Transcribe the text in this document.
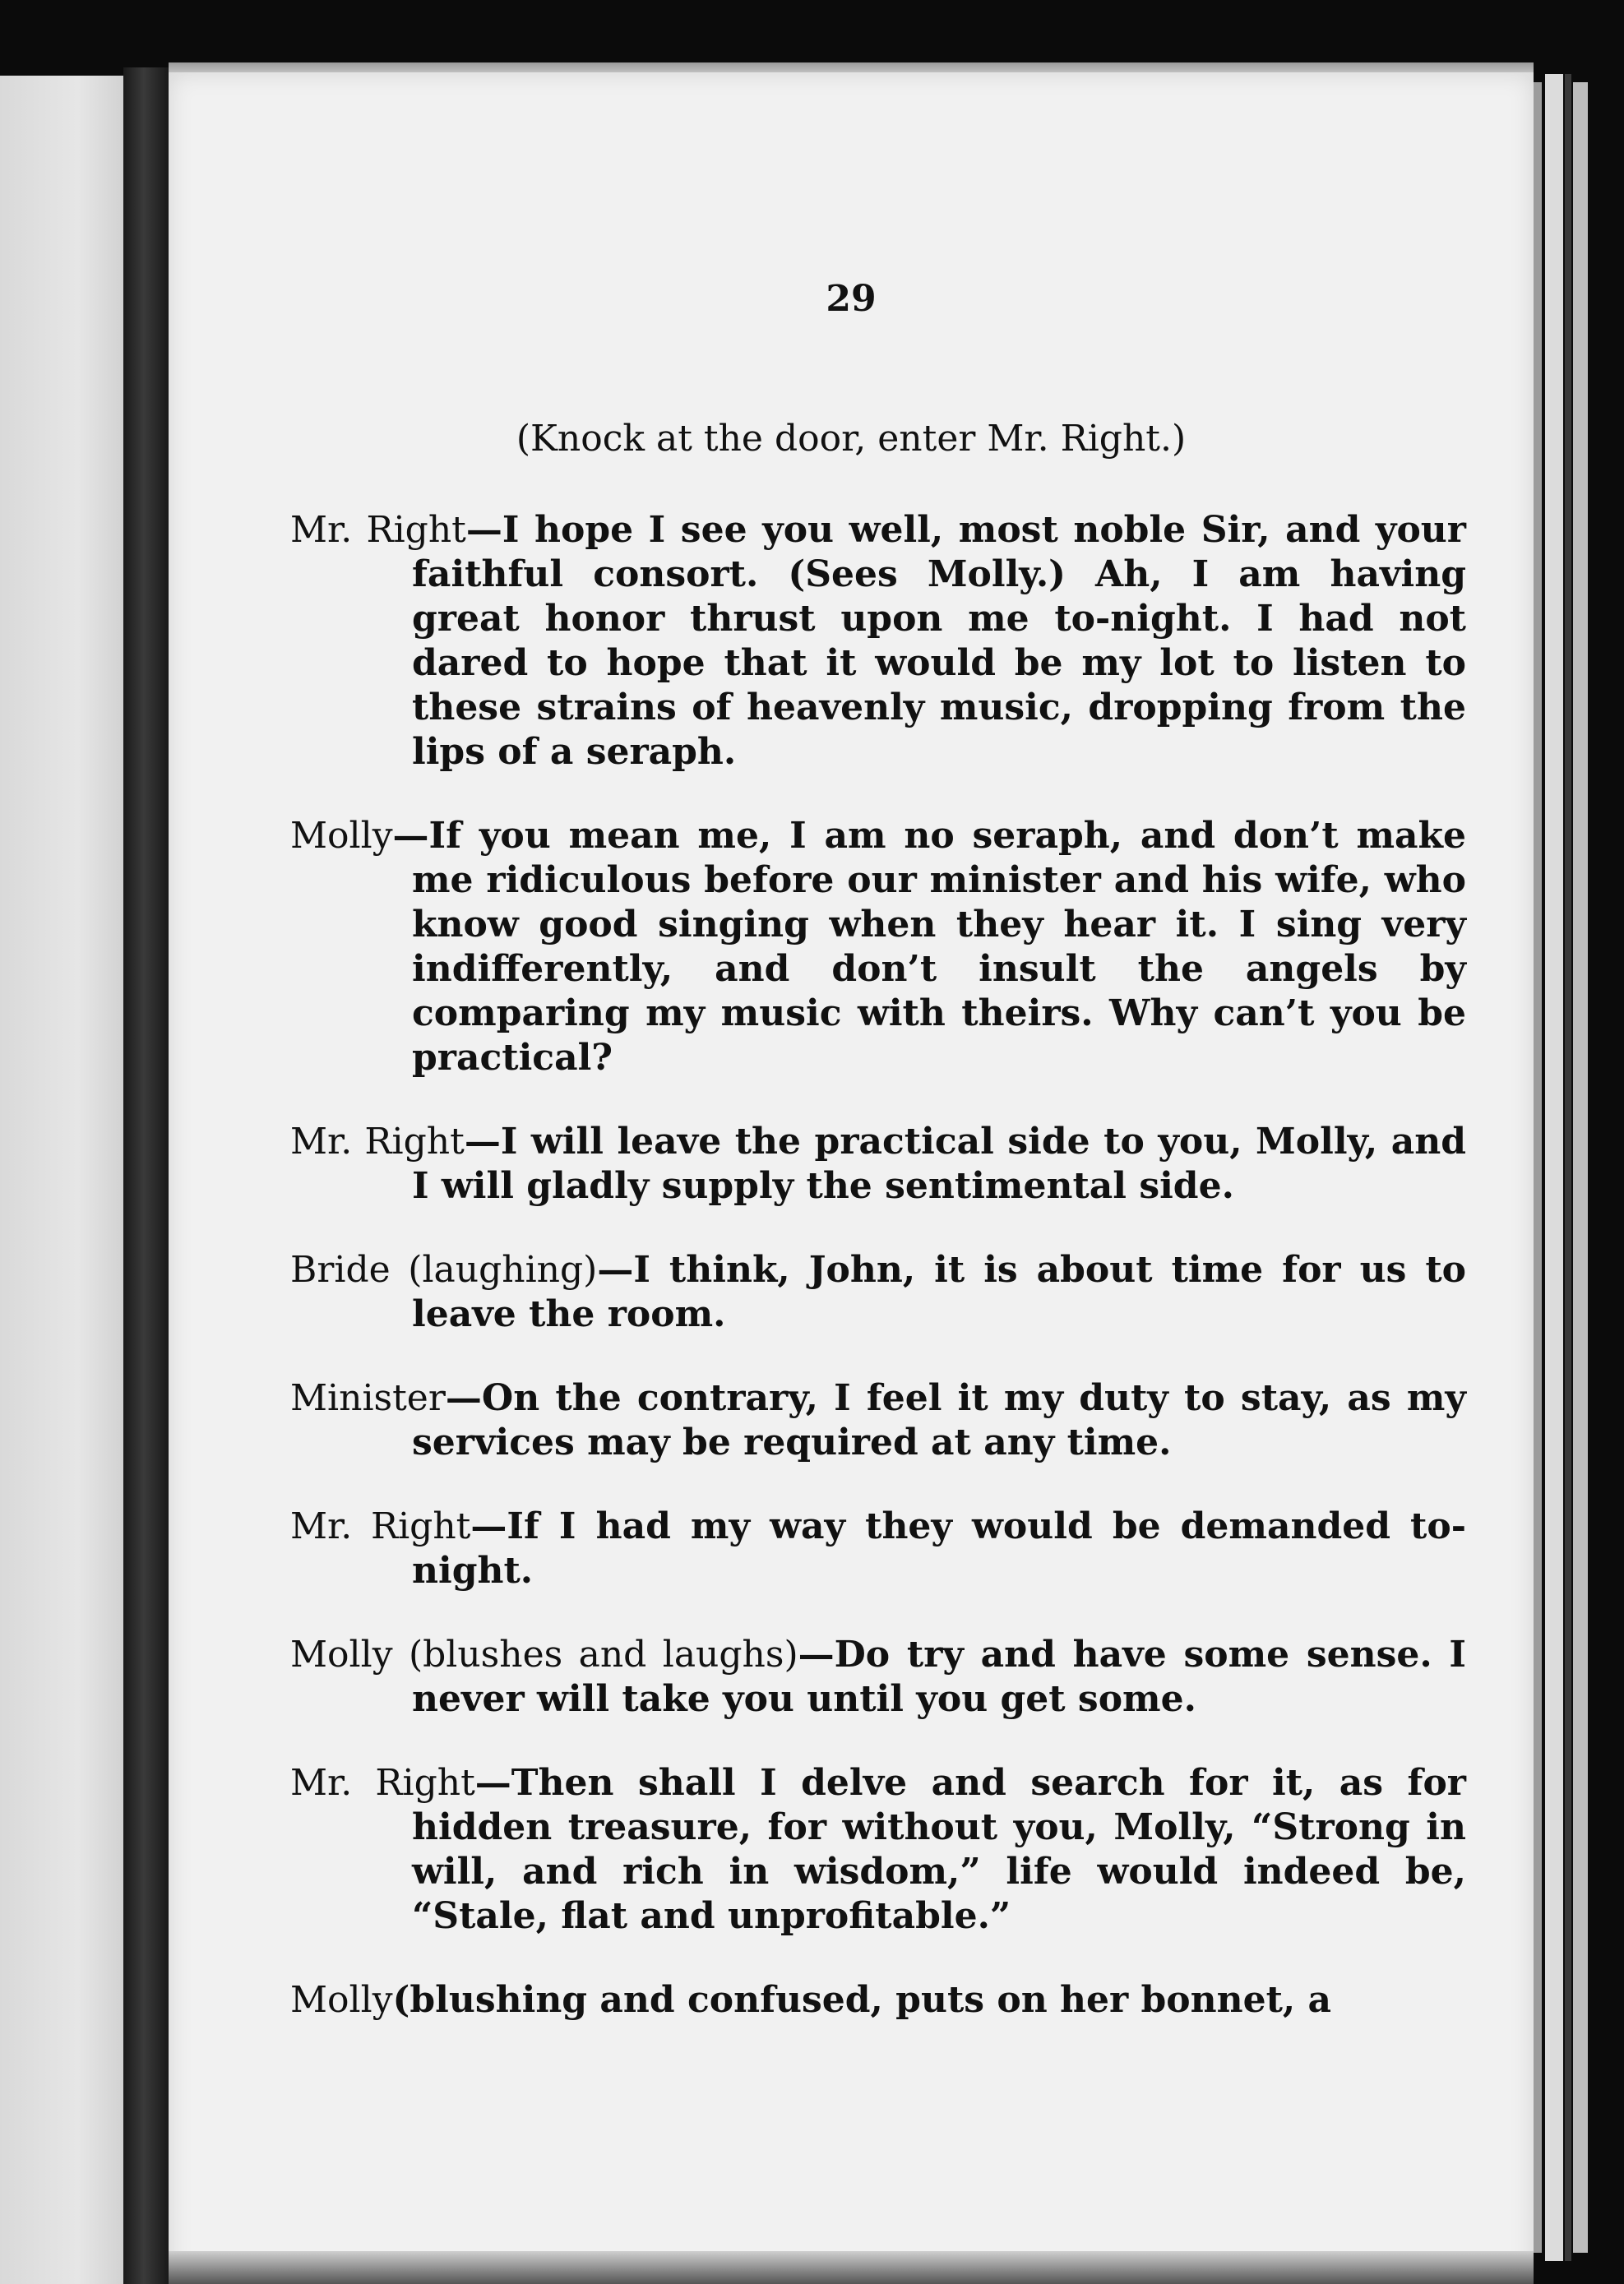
29
(Knock at the door, enter Mr. Right.)

Mr. Right—I hope I see you well, most noble Sir, and your faithful consort. (Sees Molly.) Ah, I am having great honor thrust upon me to-night. I had not dared to hope that it would be my lot to listen to these strains of heavenly music, dropping from the lips of a seraph.

Molly—If you mean me, I am no seraph, and don’t make me ridiculous before our minister and his wife, who know good singing when they hear it. I sing very indifferently, and don’t insult the angels by comparing my music with theirs. Why can’t you be practical?

Mr. Right—I will leave the practical side to you, Molly, and I will gladly supply the sentimental side.

Bride (laughing)—I think, John, it is about time for us to leave the room.

Minister—On the contrary, I feel it my duty to stay, as my services may be required at any time.

Mr. Right—If I had my way they would be demanded to-night.

Molly (blushes and laughs)—Do try and have some sense. I never will take you until you get some.

Mr. Right—Then shall I delve and search for it, as for hidden treasure, for without you, Molly, “Strong in will, and rich in wisdom,” life would indeed be, “Stale, flat and unprofitable.”

Molly(blushing and confused, puts on her bonnet, a
